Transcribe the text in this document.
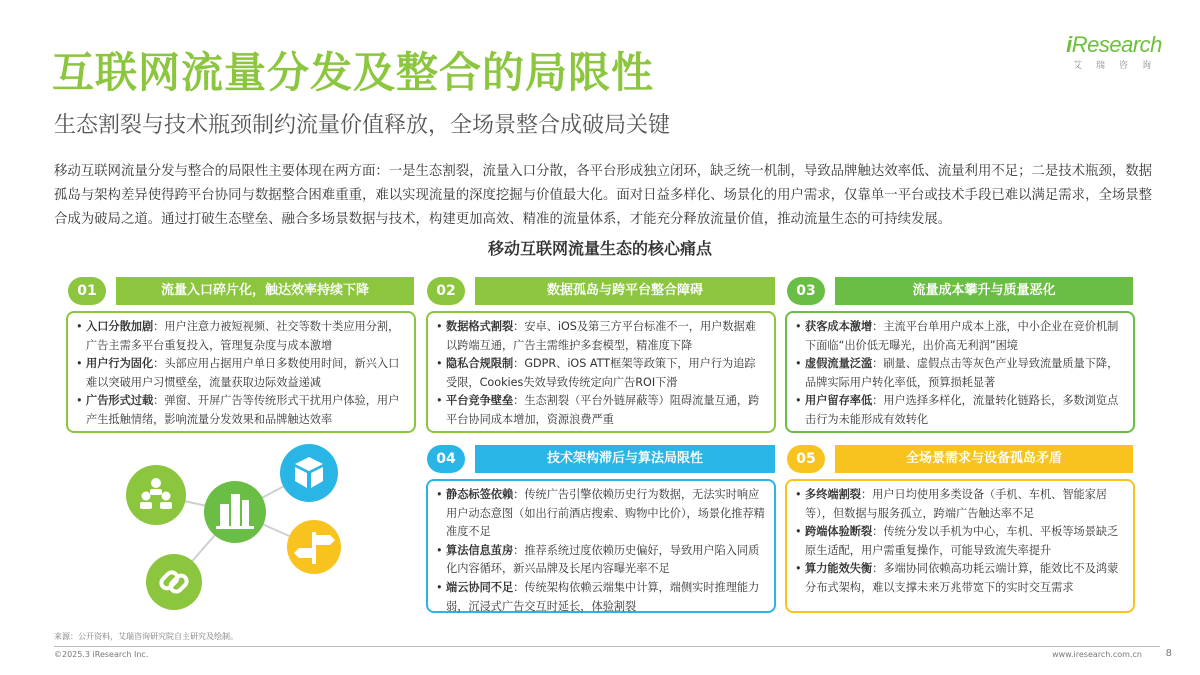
互联网流量分发及整合的局限性
生态割裂与技术瓶颈制约流量价值释放，全场景整合成破局关键
iResearch
艾瑞咨询
移动互联网流量分发与整合的局限性主要体现在两方面：一是生态割裂，流量入口分散，各平台形成独立闭环，缺乏统一机制，导致品牌触达效率低、流量利用不足；二是技术瓶颈，数据孤岛与架构差异使得跨平台协同与数据整合困难重重，难以实现流量的深度挖掘与价值最大化。面对日益多样化、场景化的用户需求，仅靠单一平台或技术手段已难以满足需求，全场景整合成为破局之道。通过打破生态壁垒、融合多场景数据与技术，构建更加高效、精准的流量体系，才能充分释放流量价值，推动流量生态的可持续发展。
移动互联网流量生态的核心痛点
01	流量入口碎片化，触达效率持续下降
• 入口分散加剧：用户注意力被短视频、社交等数十类应用分割，广告主需多平台重复投入，管理复杂度与成本激增
• 用户行为固化：头部应用占据用户单日多数使用时间，新兴入口难以突破用户习惯壁垒，流量获取边际效益递减
• 广告形式过载：弹窗、开屏广告等传统形式干扰用户体验，用户产生抵触情绪，影响流量分发效果和品牌触达效率
02	数据孤岛与跨平台整合障碍
• 数据格式割裂：安卓、iOS及第三方平台标准不一，用户数据难以跨端互通，广告主需维护多套模型，精准度下降
• 隐私合规限制：GDPR、iOS ATT框架等政策下，用户行为追踪受限，Cookies失效导致传统定向广告ROI下滑
• 平台竞争壁垒：生态割裂（平台外链屏蔽等）阻碍流量互通，跨平台协同成本增加，资源浪费严重
03	流量成本攀升与质量恶化
• 获客成本激增：主流平台单用户成本上涨，中小企业在竞价机制下面临“出价低无曝光，出价高无利润”困境
• 虚假流量泛滥：刷量、虚假点击等灰色产业导致流量质量下降，品牌实际用户转化率低，预算损耗显著
• 用户留存率低：用户选择多样化，流量转化链路长，多数浏览点击行为未能形成有效转化
04	技术架构滞后与算法局限性
• 静态标签依赖：传统广告引擎依赖历史行为数据，无法实时响应用户动态意图（如出行前酒店搜索、购物中比价），场景化推荐精准度不足
• 算法信息茧房：推荐系统过度依赖历史偏好，导致用户陷入同质化内容循环，新兴品牌及长尾内容曝光率不足
• 端云协同不足：传统架构依赖云端集中计算，端侧实时推理能力弱，沉浸式广告交互时延长，体验割裂
05	全场景需求与设备孤岛矛盾
• 多终端割裂：用户日均使用多类设备（手机、车机、智能家居等），但数据与服务孤立，跨端广告触达率不足
• 跨端体验断裂：传统分发以手机为中心，车机、平板等场景缺乏原生适配，用户需重复操作，可能导致流失率提升
• 算力能效失衡：多端协同依赖高功耗云端计算，能效比不及鸿蒙分布式架构，难以支撑未来万兆带宽下的实时交互需求
来源：公开资料，艾瑞咨询研究院自主研究及绘制。
©2025.3 iResearch Inc.	www.iresearch.com.cn 8
